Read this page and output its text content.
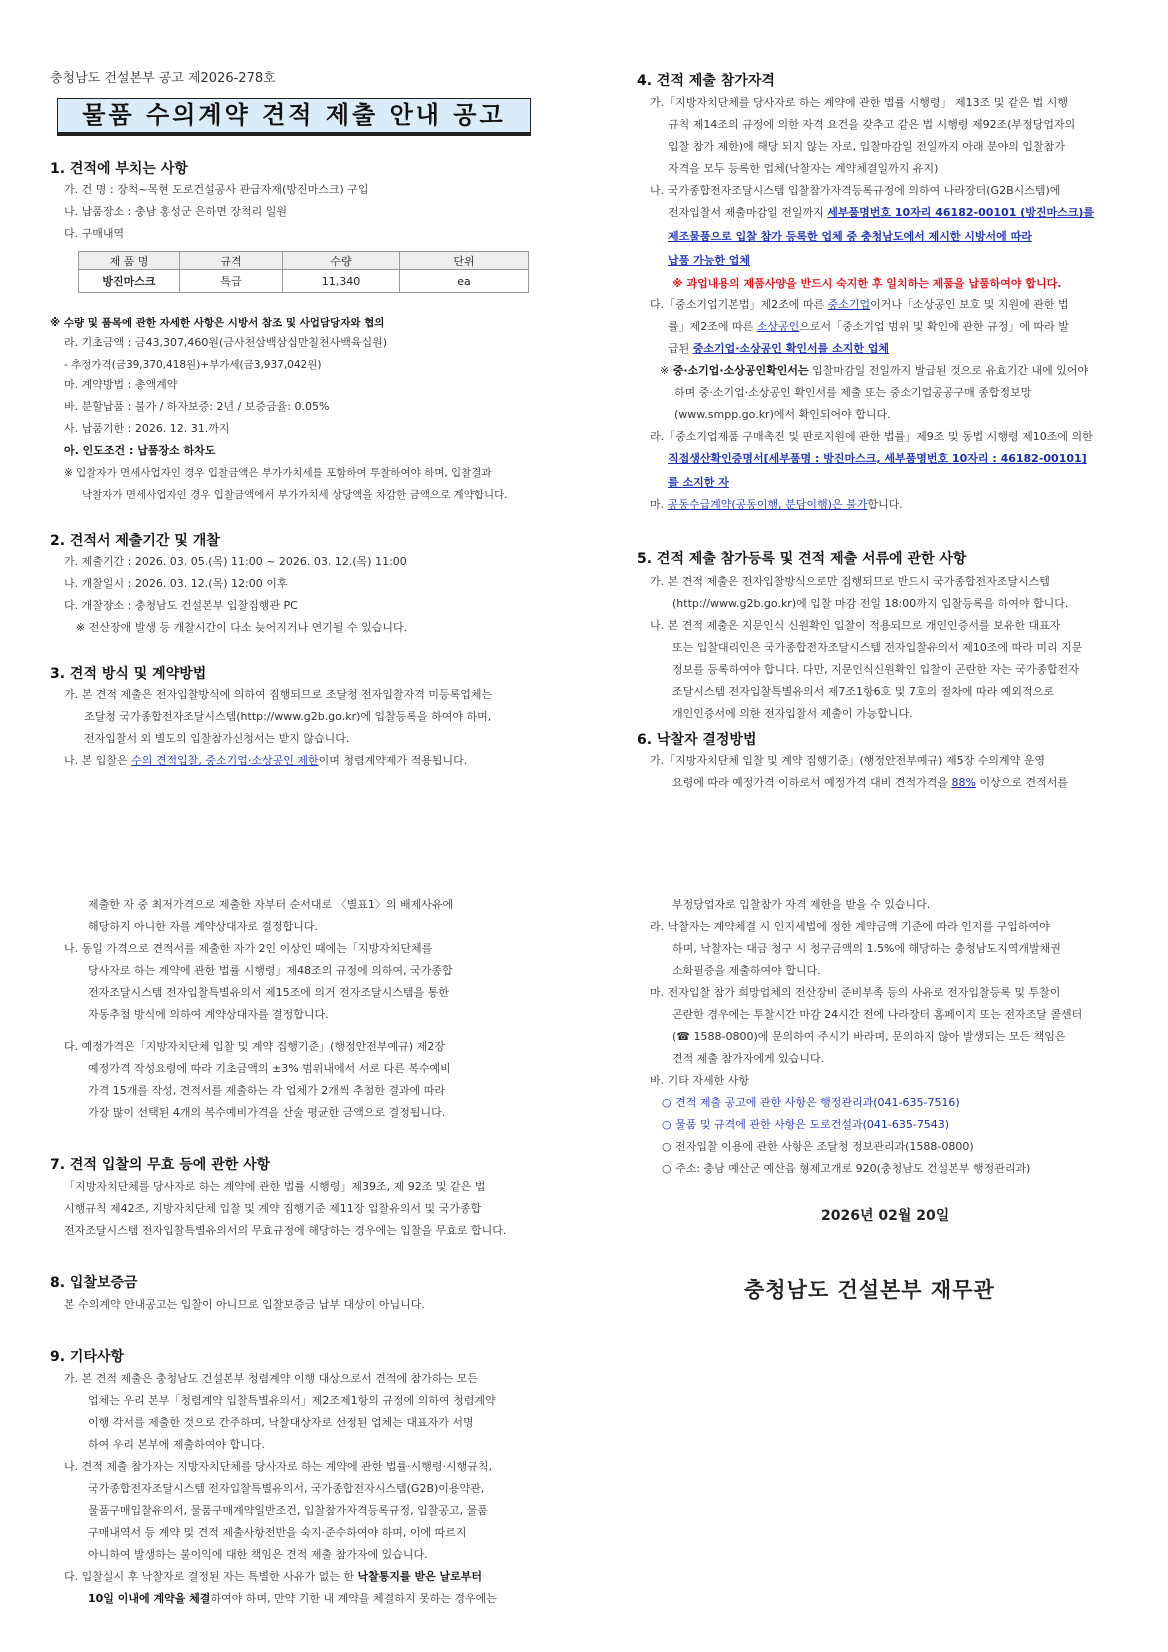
충청남도 건설본부 공고 제2026-278호
물품 수의계약 견적 제출 안내 공고
1. 견적에 부치는 사항
가. 건 명 : 장척~목현 도로건설공사 관급자재(방진마스크) 구입
나. 납품장소 : 충남 홍성군 은하면 장척리 일원
다. 구매내역
제 품 명	규격	수량	단위
방진마스크	특급	11,340	ea
※ 수량 및 품목에 관한 자세한 사항은 시방서 참조 및 사업담당자와 협의
라. 기초금액 : 금43,307,460원(금사천삼백삼십만칠천사백육십원)
- 추정가격(금39,370,418원)+부가세(금3,937,042원)
마. 계약방법 : 총액계약
바. 분할납품 : 불가 / 하자보증: 2년 / 보증금율: 0.05%
사. 납품기한 : 2026. 12. 31.까지
아. 인도조건 : 납품장소 하차도
※ 입찰자가 면세사업자인 경우 입찰금액은 부가가치세를 포함하여 투찰하여야 하며, 입찰결과
낙찰자가 면세사업자인 경우 입찰금액에서 부가가치세 상당액을 차감한 금액으로 계약합니다.
2. 견적서 제출기간 및 개찰
가. 제출기간 : 2026. 03. 05.(목) 11:00 ~ 2026. 03. 12.(목) 11:00
나. 개찰일시 : 2026. 03. 12.(목) 12:00 이후
다. 개찰장소 : 충청남도 건설본부 입찰집행관 PC
※ 전산장애 발생 등 개찰시간이 다소 늦어지거나 연기될 수 있습니다.
3. 견적 방식 및 계약방법
가. 본 견적 제출은 전자입찰방식에 의하여 집행되므로 조달청 전자입찰자격 미등록업체는
조달청 국가종합전자조달시스템(http://www.g2b.go.kr)에 입찰등록을 하여야 하며,
전자입찰서 외 별도의 입찰참가신청서는 받지 않습니다.
나. 본 입찰은 수의 견적입찰, 중소기업·소상공인 제한이며 청렴계약제가 적용됩니다.
4. 견적 제출 참가자격
가.「지방자치단체를 당사자로 하는 계약에 관한 법률 시행령」 제13조 및 같은 법 시행
규칙 제14조의 규정에 의한 자격 요건을 갖추고 같은 법 시행령 제92조(부정당업자의
입찰 참가 제한)에 해당 되지 않는 자로, 입찰마감일 전일까지 아래 분야의 입찰참가
자격을 모두 등록한 업체(낙찰자는 계약체결일까지 유지)
나. 국가종합전자조달시스템 입찰참가자격등록규정에 의하여 나라장터(G2B시스템)에
전자입찰서 제출마감일 전일까지 세부품명번호 10자리 46182-00101 (방진마스크)를
제조물품으로 입찰 참가 등록한 업체 중 충청남도에서 제시한 시방서에 따라
납품 가능한 업체
※ 과업내용의 제품사양을 반드시 숙지한 후 일치하는 제품을 납품하여야 합니다.
다.「중소기업기본법」제2조에 따른 중소기업이거나「소상공인 보호 및 지원에 관한 법
률」제2조에 따른 소상공인으로서「중소기업 범위 및 확인에 관한 규정」에 따라 발
급된 중소기업·소상공인 확인서를 소지한 업체
※ 중·소기업·소상공인확인서는 입찰마감일 전일까지 발급된 것으로 유효기간 내에 있어야
하며 중·소기업·소상공인 확인서를 제출 또는 중소기업공공구매 종합정보망
(www.smpp.go.kr)에서 확인되어야 합니다.
라.「중소기업제품 구매촉진 및 판로지원에 관한 법률」제9조 및 동법 시행령 제10조에 의한
직접생산확인증명서[세부품명 : 방진마스크, 세부품명번호 10자리 : 46182-00101]
를 소지한 자
마. 공동수급계약(공동이행, 분담이행)은 불가합니다.
5. 견적 제출 참가등록 및 견적 제출 서류에 관한 사항
가. 본 견적 제출은 전자입찰방식으로만 집행되므로 반드시 국가종합전자조달시스템
(http://www.g2b.go.kr)에 입찰 마감 전일 18:00까지 입찰등록을 하여야 합니다.
나. 본 견적 제출은 지문인식 신원확인 입찰이 적용되므로 개인인증서를 보유한 대표자
또는 입찰대리인은 국가종합전자조달시스템 전자입찰유의서 제10조에 따라 미리 지문
정보를 등록하여야 합니다. 다만, 지문인식신원확인 입찰이 곤란한 자는 국가종합전자
조달시스템 전자입찰특별유의서 제7조1항6호 및 7호의 절차에 따라 예외적으로
개인인증서에 의한 전자입찰서 제출이 가능합니다.
6. 낙찰자 결정방법
가.「지방자치단체 입찰 및 계약 집행기준」(행정안전부예규) 제5장 수의계약 운영
요령에 따라 예정가격 이하로서 예정가격 대비 견적가격을 88% 이상으로 견적서를
제출한 자 중 최저가격으로 제출한 자부터 순서대로 〈별표1〉의 배제사유에
해당하지 아니한 자를 계약상대자로 결정합니다.
나. 동일 가격으로 견적서를 제출한 자가 2인 이상인 때에는「지방자치단체를
당사자로 하는 계약에 관한 법률 시행령」제48조의 규정에 의하여, 국가종합
전자조달시스템 전자입찰특별유의서 제15조에 의거 전자조달시스템을 통한
자동추첨 방식에 의하여 계약상대자를 결정합니다.
다. 예정가격은「지방자치단체 입찰 및 계약 집행기준」(행정안전부예규) 제2장
예정가격 작성요령에 따라 기초금액의 ±3% 범위내에서 서로 다른 복수예비
가격 15개를 작성, 견적서를 제출하는 각 업체가 2개씩 추첨한 결과에 따라
가장 많이 선택된 4개의 복수예비가격을 산술 평균한 금액으로 결정됩니다.
7. 견적 입찰의 무효 등에 관한 사항
「지방자치단체를 당사자로 하는 계약에 관한 법률 시행령」제39조, 제 92조 및 같은 법
시행규칙 제42조, 지방자치단체 입찰 및 계약 집행기준 제11장 입찰유의서 및 국가종합
전자조달시스템 전자입찰특별유의서의 무효규정에 해당하는 경우에는 입찰을 무효로 합니다.
8. 입찰보증금
본 수의계약 안내공고는 입찰이 아니므로 입찰보증금 납부 대상이 아닙니다.
9. 기타사항
가. 본 견적 제출은 충청남도 건설본부 청렴계약 이행 대상으로서 견적에 참가하는 모든
업체는 우리 본부「청렴계약 입찰특별유의서」제2조제1항의 규정에 의하여 청렴계약
이행 각서를 제출한 것으로 간주하며, 낙찰대상자로 선정된 업체는 대표자가 서명
하여 우리 본부에 제출하여야 합니다.
나. 견적 제출 참가자는 지방자치단체를 당사자로 하는 계약에 관한 법률·시행령·시행규칙,
국가종합전자조달시스템 전자입찰특별유의서, 국가종합전자시스템(G2B)이용약관,
물품구매입찰유의서, 물품구매계약일반조건, 입찰참가자격등록규정, 입찰공고, 물품
구매내역서 등 계약 및 견적 제출사항전반을 숙지·준수하여야 하며, 이에 따르지
아니하여 발생하는 불이익에 대한 책임은 견적 제출 참가자에 있습니다.
다. 입찰실시 후 낙찰자로 결정된 자는 특별한 사유가 없는 한 낙찰통지를 받은 날로부터
10일 이내에 계약을 체결하여야 하며, 만약 기한 내 계약을 체결하지 못하는 경우에는
부정당업자로 입찰참가 자격 제한을 받을 수 있습니다.
라. 낙찰자는 계약체결 시 인지세법에 정한 계약금액 기준에 따라 인지를 구입하여야
하며, 낙찰자는 대금 청구 시 청구금액의 1.5%에 해당하는 충청남도지역개발채권
소화필증을 제출하여야 합니다.
마. 전자입찰 참가 희망업체의 전산장비 준비부족 등의 사유로 전자입찰등록 및 투찰이
곤란한 경우에는 투찰시간 마감 24시간 전에 나라장터 홈페이지 또는 전자조달 콜센터
(☎ 1588-0800)에 문의하여 주시기 바라며, 문의하지 않아 발생되는 모든 책임은
견적 제출 참가자에게 있습니다.
바. 기타 자세한 사항
○ 견적 제출 공고에 관한 사항은 행정관리과(041-635-7516)
○ 물품 및 규격에 관한 사항은 도로건설과(041-635-7543)
○ 전자입찰 이용에 관한 사항은 조달청 정보관리과(1588-0800)
○ 주소: 충남 예산군 예산읍 형제고개로 920(충청남도 건설본부 행정관리과)
2026년 02월 20일
충청남도 건설본부 재무관
